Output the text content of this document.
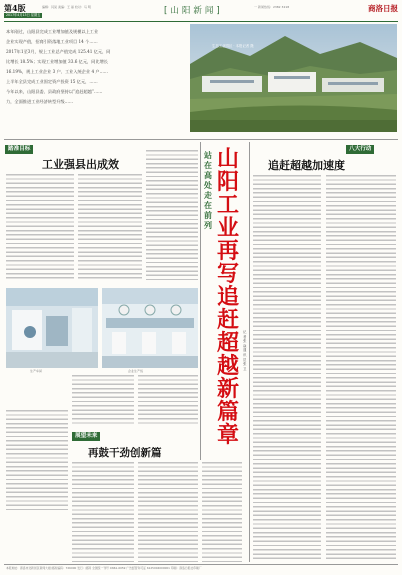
第4版
2017年4月13日 星期五
编辑：闫昊 美编：王 丽 校对：马 明	[山阳新闻]	一 新闻热线：2382 3218	商洛日报
本年刚过，山阳县完成工业增加值及规模以上工业
企业实现产值，招商引资落地工业项目 14 个……
2017年1至3月，规上工业总产值完成 125.41 亿元，同
比增长 18.5%；实现工业增加值 33.6 亿元，同比增长
16.19%，规上工业企业 3 户、工业入统企业 4 户……
上半年全县完成工业固定资产投资 15 亿元，……
今年以来，山阳县委、县政府坚持以“追赶超越”……
力，全面推进工业经济转型升级……
生态工业园区 · 本报记者 摄
踏准目标
工业强县出成效
生产车间	企业生产线
展望未来
再鼓干劲创新篇
站在高处 走在前列
山阳工业再写追赶超越新篇章
记者 张 焱 通讯员 张卫
八大行动
追赶超越加速度
本报地址：商洛市北新街区新闻大楼 邮政编码：726000 发行：邮局 全国统一刊号 CN61-0059 广告经营许可证 6125004000001 印刷：商洛日报社印刷厂
